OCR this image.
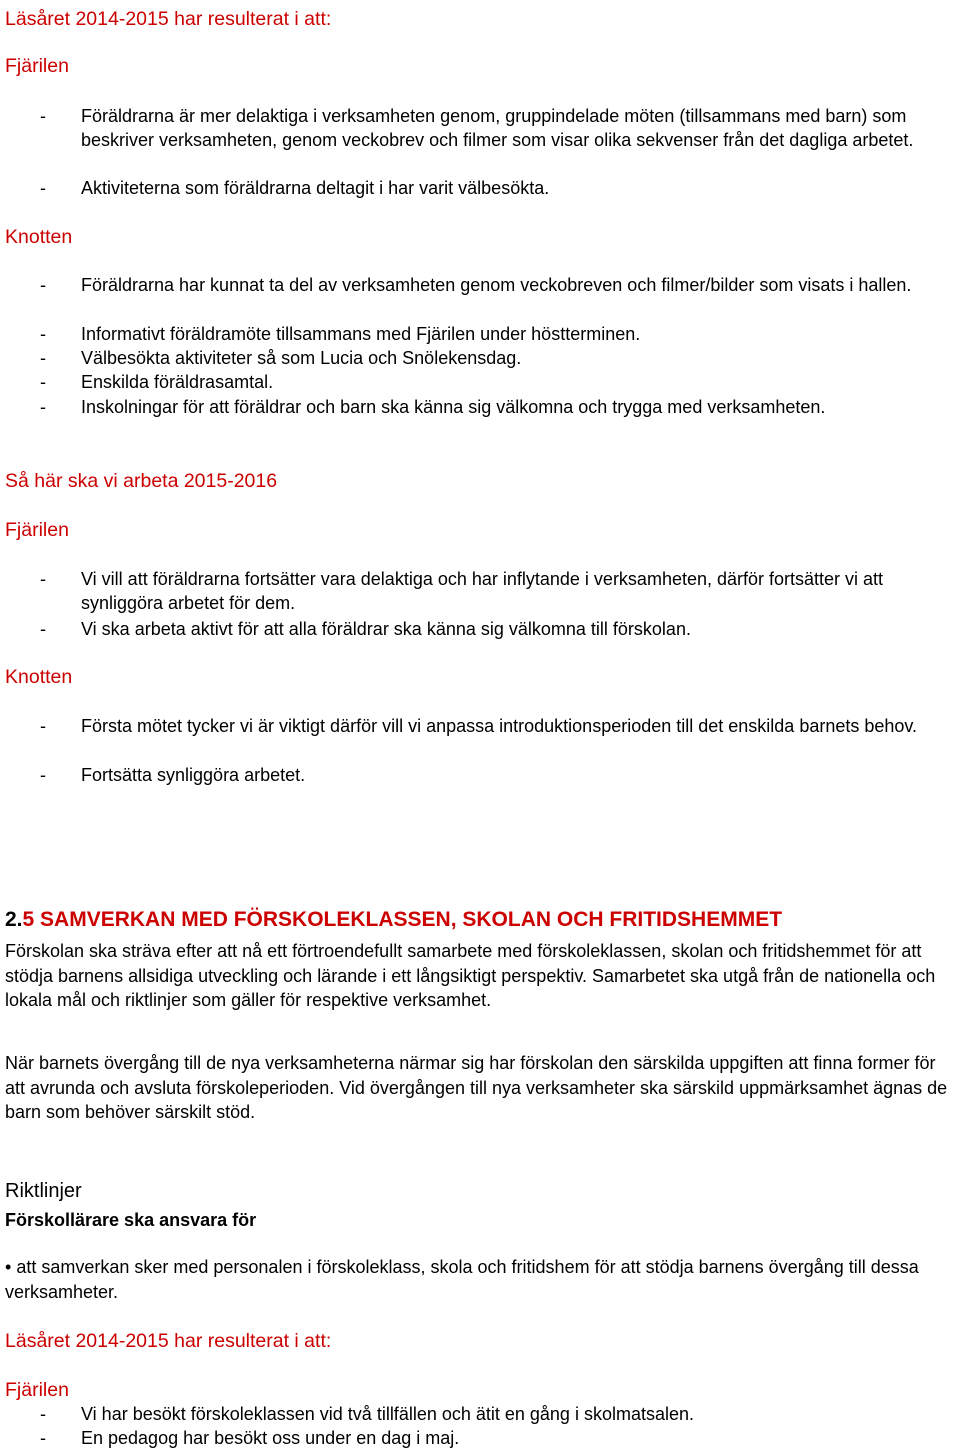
Läsåret 2014-2015 har resulterat i att:
Fjärilen
- Föräldrarna är mer delaktiga i verksamheten genom, gruppindelade möten (tillsammans med barn) som beskriver verksamheten, genom veckobrev och filmer som visar olika sekvenser från det dagliga arbetet.
- Aktiviteterna som föräldrarna deltagit i har varit välbesökta.
Knotten
- Föräldrarna har kunnat ta del av verksamheten genom veckobreven och filmer/bilder som visats i hallen.
- Informativt föräldramöte tillsammans med Fjärilen under höstterminen.
- Välbesökta aktiviteter så som Lucia och Snölekensdag.
- Enskilda föräldrasamtal.
- Inskolningar för att föräldrar och barn ska känna sig välkomna och trygga med verksamheten.
Så här ska vi arbeta 2015-2016
Fjärilen
- Vi vill att föräldrarna fortsätter vara delaktiga och har inflytande i verksamheten, därför fortsätter vi att synliggöra arbetet för dem.
- Vi ska arbeta aktivt för att alla föräldrar ska känna sig välkomna till förskolan.
Knotten
- Första mötet tycker vi är viktigt därför vill vi anpassa introduktionsperioden till det enskilda barnets behov.
- Fortsätta synliggöra arbetet.
2.5 SAMVERKAN MED FÖRSKOLEKLASSEN, SKOLAN OCH FRITIDSHEMMET
Förskolan ska sträva efter att nå ett förtroendefullt samarbete med förskoleklassen, skolan och fritidshemmet för att stödja barnens allsidiga utveckling och lärande i ett långsiktigt perspektiv. Samarbetet ska utgå från de nationella och lokala mål och riktlinjer som gäller för respektive verksamhet.
När barnets övergång till de nya verksamheterna närmar sig har förskolan den särskilda uppgiften att finna former för att avrunda och avsluta förskoleperioden. Vid övergången till nya verksamheter ska särskild uppmärksamhet ägnas de barn som behöver särskilt stöd.
Riktlinjer
Förskollärare ska ansvara för
• att samverkan sker med personalen i förskoleklass, skola och fritidshem för att stödja barnens övergång till dessa verksamheter.
Läsåret 2014-2015 har resulterat i att:
Fjärilen
- Vi har besökt förskoleklassen vid två tillfällen och ätit en gång i skolmatsalen.
- En pedagog har besökt oss under en dag i maj.
